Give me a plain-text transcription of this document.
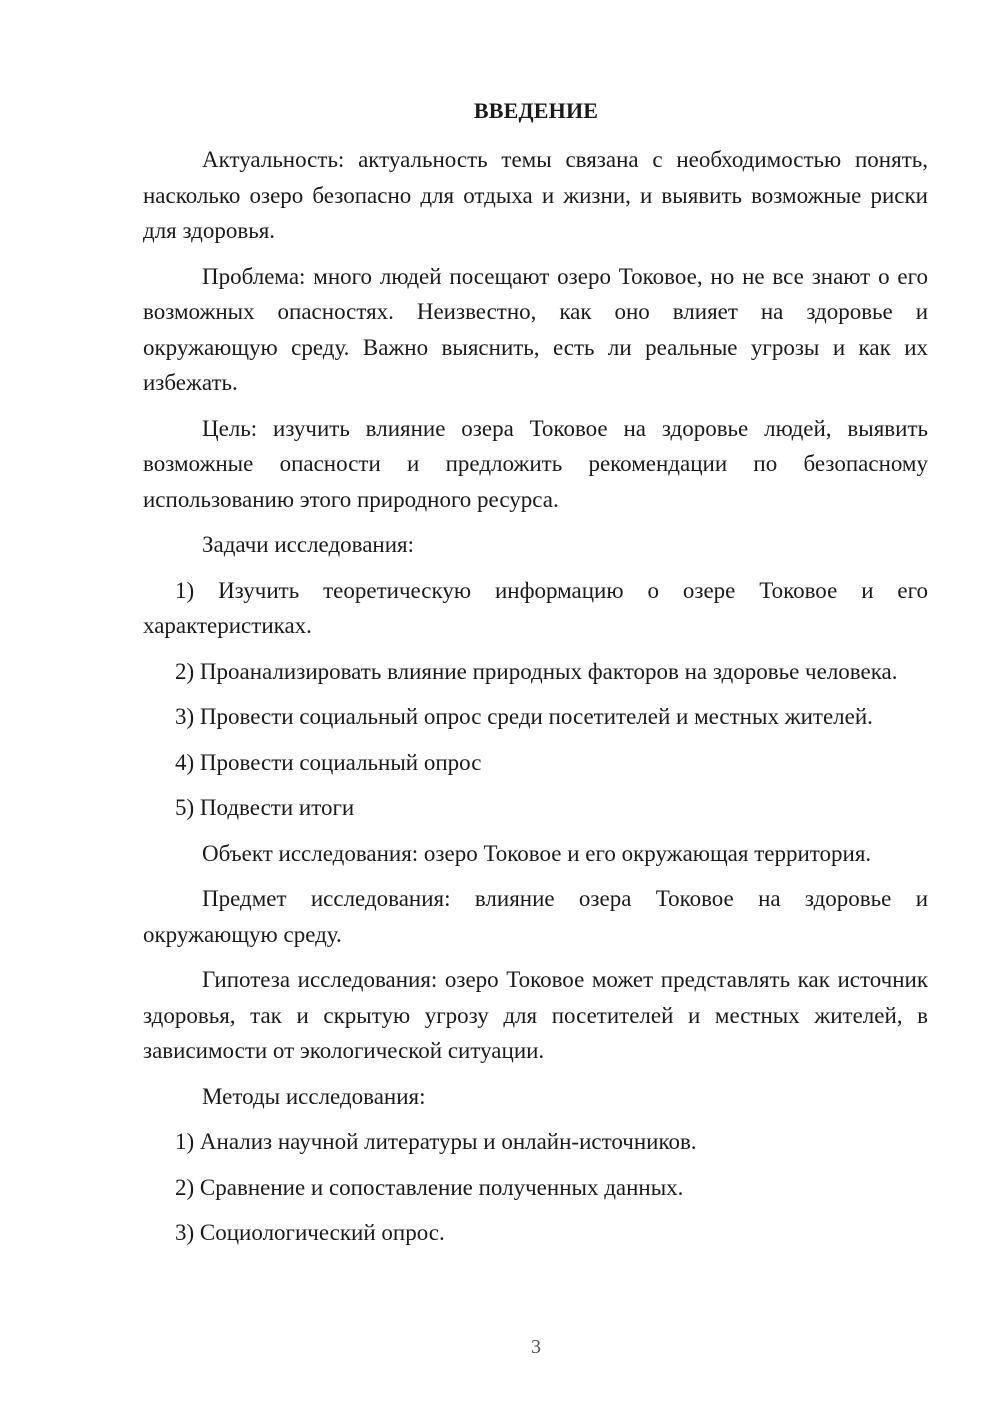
ВВЕДЕНИЕ

Актуальность: актуальность темы связана с необходимостью понять, насколько озеро безопасно для отдыха и жизни, и выявить возможные риски для здоровья.

Проблема: много людей посещают озеро Токовое, но не все знают о его возможных опасностях. Неизвестно, как оно влияет на здоровье и окружающую среду. Важно выяснить, есть ли реальные угрозы и как их избежать.

Цель: изучить влияние озера Токовое на здоровье людей, выявить возможные опасности и предложить рекомендации по безопасному использованию этого природного ресурса.

Задачи исследования:

1) Изучить теоретическую информацию о озере Токовое и его характеристиках.

2) Проанализировать влияние природных факторов на здоровье человека.

3) Провести социальный опрос среди посетителей и местных жителей.

4) Провести социальный опрос

5) Подвести итоги

Объект исследования: озеро Токовое и его окружающая территория.

Предмет исследования: влияние озера Токовое на здоровье и окружающую среду.

Гипотеза исследования: озеро Токовое может представлять как источник здоровья, так и скрытую угрозу для посетителей и местных жителей, в зависимости от экологической ситуации.

Методы исследования:

1) Анализ научной литературы и онлайн-источников.

2) Сравнение и сопоставление полученных данных.

3) Социологический опрос.

3
